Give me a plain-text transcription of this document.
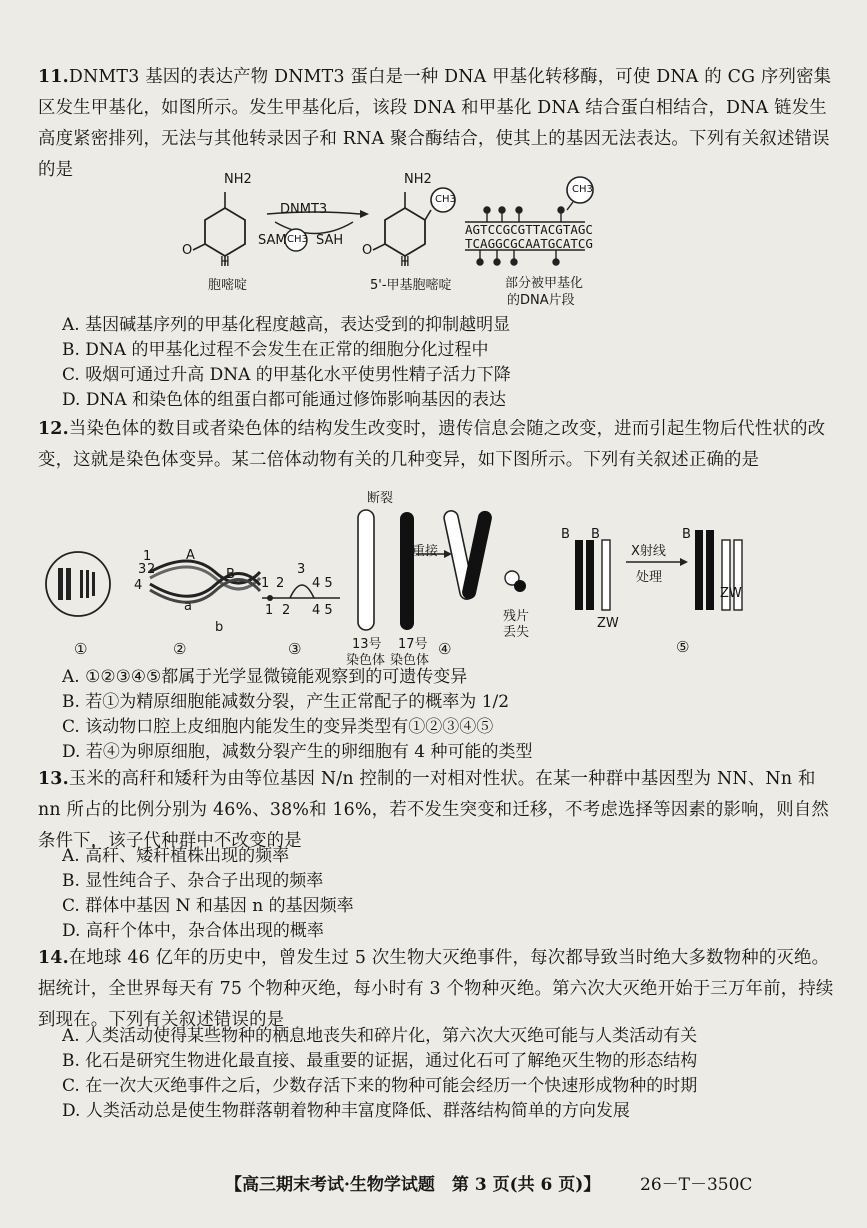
11.DNMT3 基因的表达产物 DNMT3 蛋白是一种 DNA 甲基化转移酶，可使 DNA 的 CG 序列密集区发生甲基化，如图所示。发生甲基化后，该段 DNA 和甲基化 DNA 结合蛋白相结合，DNA 链发生高度紧密排列，无法与其他转录因子和 RNA 聚合酶结合，使其上的基因无法表达。下列有关叙述错误的是	NH2
O
H
胞嘧啶
DNMT3
SAM CH3 SAH
NH2
O
H
CH3
5'-甲基胞嘧啶
AGTCCGCGTTACGTAGC
TCAGGCGCAATGCATCG
CH3
部分被甲基化
的DNA片段
A. 基因碱基序列的甲基化程度越高，表达受到的抑制越明显
B. DNA 的甲基化过程不会发生在正常的细胞分化过程中
C. 吸烟可通过升高 DNA 的甲基化水平使男性精子活力下降
D. DNA 和染色体的组蛋白都可能通过修饰影响基因的表达
12.当染色体的数目或者染色体的结构发生改变时，遗传信息会随之改变，进而引起生物后代性状的改变，这就是染色体变异。某二倍体动物有关的几种变异，如下图所示。下列有关叙述正确的是
1
3 2
4
A
B
a
b
1 2
3
4 5
1 2 4 5
断裂
重接
13号
染色体
17号
染色体
残片
丢失
B B
X射线
处理
B
ZW
ZW
①	②	③	④	⑤
A. ①②③④⑤都属于光学显微镜能观察到的可遗传变异
B. 若①为精原细胞能减数分裂，产生正常配子的概率为 1/2
C. 该动物口腔上皮细胞内能发生的变异类型有①②③④⑤
D. 若④为卵原细胞，减数分裂产生的卵细胞有 4 种可能的类型
13.玉米的高秆和矮秆为由等位基因 N/n 控制的一对相对性状。在某一种群中基因型为 NN、Nn 和 nn 所占的比例分别为 46%、38%和 16%，若不发生突变和迁移，不考虑选择等因素的影响，则自然条件下，该子代种群中不改变的是
A. 高秆、矮秆植株出现的频率
B. 显性纯合子、杂合子出现的频率
C. 群体中基因 N 和基因 n 的基因频率
D. 高秆个体中，杂合体出现的概率
14.在地球 46 亿年的历史中，曾发生过 5 次生物大灭绝事件，每次都导致当时绝大多数物种的灭绝。据统计，全世界每天有 75 个物种灭绝，每小时有 3 个物种灭绝。第六次大灭绝开始于三万年前，持续到现在。下列有关叙述错误的是
A. 人类活动使得某些物种的栖息地丧失和碎片化，第六次大灭绝可能与人类活动有关
B. 化石是研究生物进化最直接、最重要的证据，通过化石可了解绝灭生物的形态结构
C. 在一次大灭绝事件之后，少数存活下来的物种可能会经历一个快速形成物种的时期
D. 人类活动总是使生物群落朝着物种丰富度降低、群落结构简单的方向发展
【高三期末考试·生物学试题　第 3 页(共 6 页)】 26－T－350C
